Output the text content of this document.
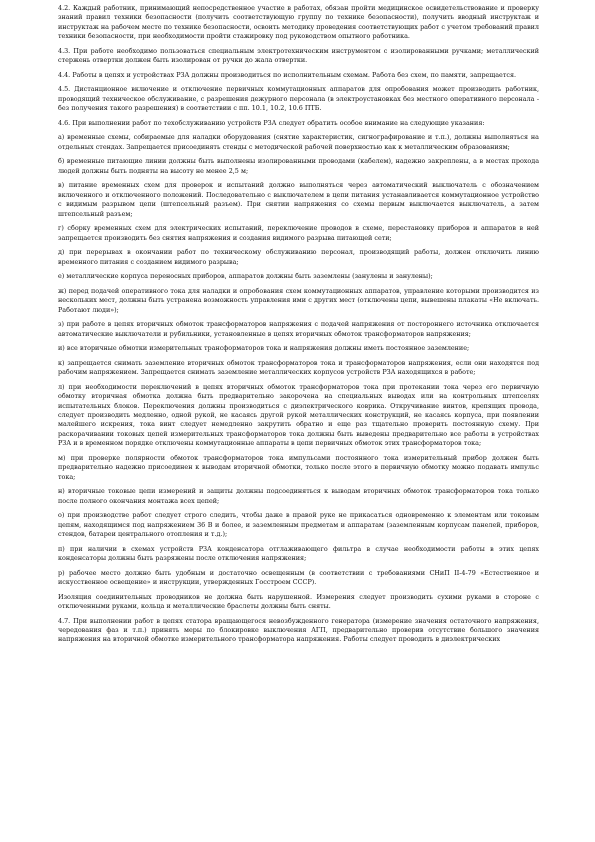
4.2. Каждый работник, принимающий непосредственное участие в работах, обязан пройти медицинское освидетельствование и проверку знаний правил техники безопасности (получить соответствующую группу по технике безопасности), получить вводный инструктаж и инструктаж на рабочем месте по технике безопасности, освоить методику проведения соответствующих работ с учетом требований правил техники безопасности, при необходимости пройти стажировку под руководством опытного работника.

4.3. При работе необходимо пользоваться специальным электротехническим инструментом с изолированными ручками; металлический стержень отвертки должен быть изолирован от ручки до жала отвертки.

4.4. Работы в цепях и устройствах РЗА должны производиться по исполнительным схемам. Работа без схем, по памяти, запрещается.

4.5. Дистанционное включение и отключение первичных коммутационных аппаратов для опробования может производить работник, проводящий техническое обслуживание, с разрешения дежурного персонала (в электроустановках без местного оперативного персонала - без получения такого разрешения) в соответствии с пп. 10.1, 10.2, 10.6 ПТБ.

4.6. При выполнении работ по техобслуживанию устройств РЗА следует обратить особое внимание на следующие указания:

а) временные схемы, собираемые для наладки оборудования (снятие характеристик, сигнографирование и т.п.), должны выполняться на отдельных стендах. Запрещается присоединять стенды с методической рабочей поверхностью как к металлическим образованиям;

б) временные питающие линии должны быть выполнены изолированными проводами (кабелем), надежно закреплены, а в местах прохода людей должны быть подняты на высоту не менее 2,5 м;

в) питание временных схем для проверок и испытаний должно выполняться через автоматический выключатель с обозначением включенного и отключенного положений. Последовательно с выключателем в цепи питания устанавливается коммутационное устройство с видимым разрывом цепи (штепсельный разъем). При снятии напряжения со схемы первым выключается выключатель, а затем штепсельный разъем;

г) сборку временных схем для электрических испытаний, переключение проводов в схеме, перестановку приборов и аппаратов в ней запрещается производить без снятия напряжения и создания видимого разрыва питающей сети;

д) при перерывах в окончании работ по техническому обслуживанию персонал, производящий работы, должен отключить линию временного питания с созданием видимого разрыва;

е) металлические корпуса переносных приборов, аппаратов должны быть заземлены (занулены и занулены);

ж) перед подачей оперативного тока для наладки и опробования схем коммутационных аппаратов, управление которыми производится из нескольких мест, должны быть устранена возможность управления ими с других мест (отключены цепи, вывешены плакаты «Не включать. Работают люди»);

з) при работе в цепях вторичных обмоток трансформаторов напряжения с подачей напряжения от постороннего источника отключается автоматические выключатели и рубильники, установленные в цепях вторичных обмоток трансформаторов напряжения;

и) все вторичные обмотки измерительных трансформаторов тока и напряжения должны иметь постоянное заземление;

к) запрещается снимать заземление вторичных обмоток трансформаторов тока и трансформаторов напряжения, если они находятся под рабочим напряжением. Запрещается снимать заземление металлических корпусов устройств РЗА находящихся в работе;

л) при необходимости переключений в цепях вторичных обмоток трансформаторов тока при протекании тока через его первичную обмотку вторичная обмотка должна быть предварительно закорочена на специальных выводах или на контрольных штепселях испытательных блоков. Переключения должны производиться с диэлектрического коврика. Откручивание винтов, крепящих провода, следует производить медленно, одной рукой, не касаясь другой рукой металлических конструкций, не касаясь корпуса, при появлении малейшего искрения, тока винт следует немедленно закрутить обратно и еще раз тщательно проверить постоянную схему. При раскорачивании токовых цепей измерительных трансформаторов тока должны быть выведены предварительно все работы в устройствах РЗА и в временном порядке отключены коммутационные аппараты в цепи первичных обмоток этих трансформаторов тока;

м) при проверке полярности обмоток трансформаторов тока импульсами постоянного тока измерительный прибор должен быть предварительно надежно присоединен к выводам вторичной обмотки, только после этого в первичную обмотку можно подавать импульс тока;

н) вторичные токовые цепи измерений и защиты должны подсоединяться к выводам вторичных обмоток трансформаторов тока только после полного окончания монтажа всех цепей;

о) при производстве работ следует строго следить, чтобы даже в правой руке не прикасаться одновременно к элементам или токовым цепям, находящимся под напряжением 36 В и более, и заземленным предметам и аппаратам (заземленным корпусам панелей, приборов, стендов, батареи центрального отопления и т.д.);

п) при наличии в схемах устройств РЗА конденсатора отглаживающего фильтра в случае необходимости работы в этих цепях конденсаторы должны быть разряжены после отключения напряжения;

р) рабочее место должно быть удобным и достаточно освещенным (в соответствии с требованиями СНиП II-4-79 «Естественное и искусственное освещение» и инструкции, утвержденных Госстроем СССР).

Изоляция соединительных проводников не должна быть нарушенной. Измерения следует производить сухими руками в стороне с отключенными руками, кольца и металлические браслеты должны быть сняты.

4.7. При выполнении работ в цепях статора вращающегося невозбужденного генератора (измерение значения остаточного напряжения, чередования фаз и т.п.) принять меры по блокировке выключения АГП, предварительно проверив отсутствие большого значения напряжения на вторичной обмотке измерительного трансформатора напряжения. Работы следует проводить в диэлектрических
